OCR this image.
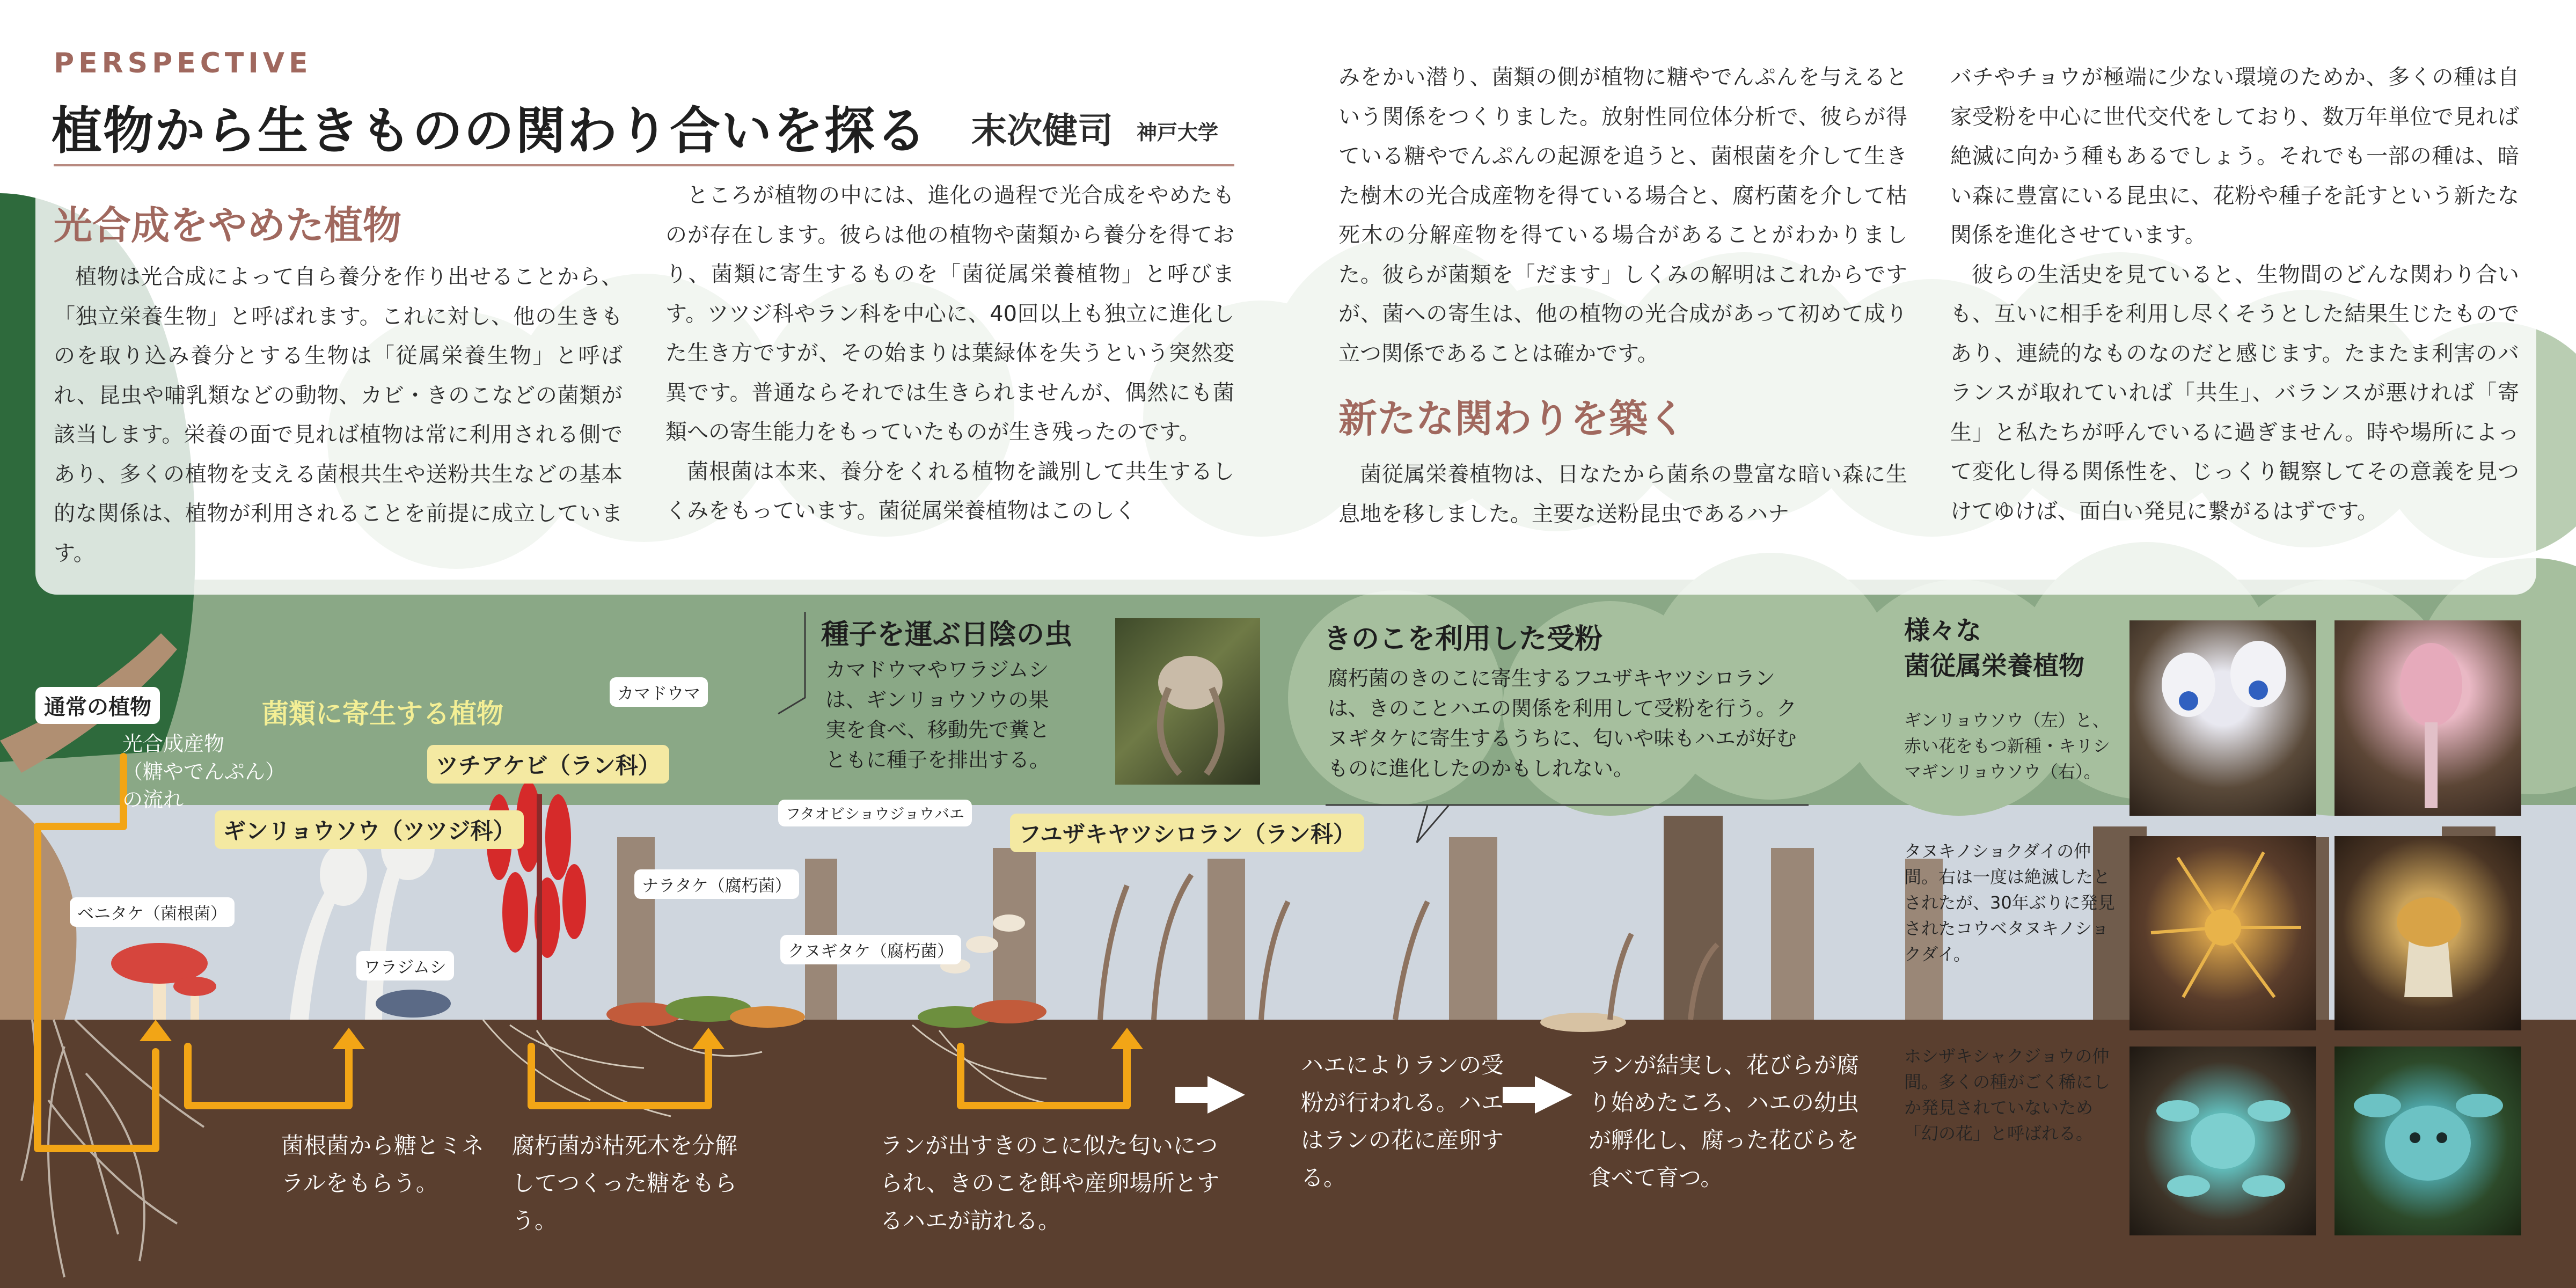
PERSPECTIVE
植物から生きものの関わり合いを探る 末次健司 神戸大学
光合成をやめた植物

植物は光合成によって自ら養分を作り出せることから、「独立栄養生物」と呼ばれます。これに対し、他の生きものを取り込み養分とする生物は「従属栄養生物」と呼ばれ、昆虫や哺乳類などの動物、カビ・きのこなどの菌類が該当します。栄養の面で見れば植物は常に利用される側であり、多くの植物を支える菌根共生や送粉共生などの基本的な関係は、植物が利用されることを前提に成立しています。

ところが植物の中には、進化の過程で光合成をやめたものが存在します。彼らは他の植物や菌類から養分を得ており、菌類に寄生するものを「菌従属栄養植物」と呼びます。ツツジ科やラン科を中心に、40回以上も独立に進化した生き方ですが、その始まりは葉緑体を失うという突然変異です。普通ならそれでは生きられませんが、偶然にも菌類への寄生能力をもっていたものが生き残ったのです。

菌根菌は本来、養分をくれる植物を識別して共生するしくみをもっています。菌従属栄養植物はこのしく

みをかい潜り、菌類の側が植物に糖やでんぷんを与えるという関係をつくりました。放射性同位体分析で、彼らが得ている糖やでんぷんの起源を追うと、菌根菌を介して生きた樹木の光合成産物を得ている場合と、腐朽菌を介して枯死木の分解産物を得ている場合があることがわかりました。彼らが菌類を「だます」しくみの解明はこれからですが、菌への寄生は、他の植物の光合成があって初めて成り立つ関係であることは確かです。

新たな関わりを築く

菌従属栄養植物は、日なたから菌糸の豊富な暗い森に生息地を移しました。主要な送粉昆虫であるハナ

バチやチョウが極端に少ない環境のためか、多くの種は自家受粉を中心に世代交代をしており、数万年単位で見れば絶滅に向かう種もあるでしょう。それでも一部の種は、暗い森に豊富にいる昆虫に、花粉や種子を託すという新たな関係を進化させています。

彼らの生活史を見ていると、生物間のどんな関わり合いも、互いに相手を利用し尽くそうとした結果生じたものであり、連続的なものなのだと感じます。たまたま利害のバランスが取れていれば「共生」、バランスが悪ければ「寄生」と私たちが呼んでいるに過ぎません。時や場所によって変化し得る関係性を、じっくり観察してその意義を見つけてゆけば、面白い発見に繋がるはずです。

通常の植物
光合成産物
（糖やでんぷん）
の流れ
菌類に寄生する植物
ツチアケビ（ラン科）
ギンリョウソウ（ツツジ科）
ベニタケ（菌根菌）
ワラジムシ
カマドウマ
ナラタケ（腐朽菌）
フタオビショウジョウバエ
クヌギタケ（腐朽菌）
フユザキヤツシロラン（ラン科）
種子を運ぶ日陰の虫
カマドウマやワラジムシは、ギンリョウソウの果実を食べ、移動先で糞とともに種子を排出する。
きのこを利用した受粉
腐朽菌のきのこに寄生するフユザキヤツシロランは、きのことハエの関係を利用して受粉を行う。クヌギタケに寄生するうちに、匂いや味もハエが好むものに進化したのかもしれない。
菌根菌から糖とミネラルをもらう。
腐朽菌が枯死木を分解してつくった糖をもらう。
ランが出すきのこに似た匂いにつられ、きのこを餌や産卵場所とするハエが訪れる。
ハエによりランの受粉が行われる。ハエはランの花に産卵する。
ランが結実し、花びらが腐り始めたころ、ハエの幼虫が孵化し、腐った花びらを食べて育つ。
様々な
菌従属栄養植物
ギンリョウソウ（左）と、赤い花をもつ新種・キリシマギンリョウソウ（右）。
タヌキノショクダイの仲間。右は一度は絶滅したとされたが、30年ぶりに発見されたコウベタヌキノショクダイ。
ホシザキシャクジョウの仲間。多くの種がごく稀にしか発見されていないため「幻の花」と呼ばれる。
